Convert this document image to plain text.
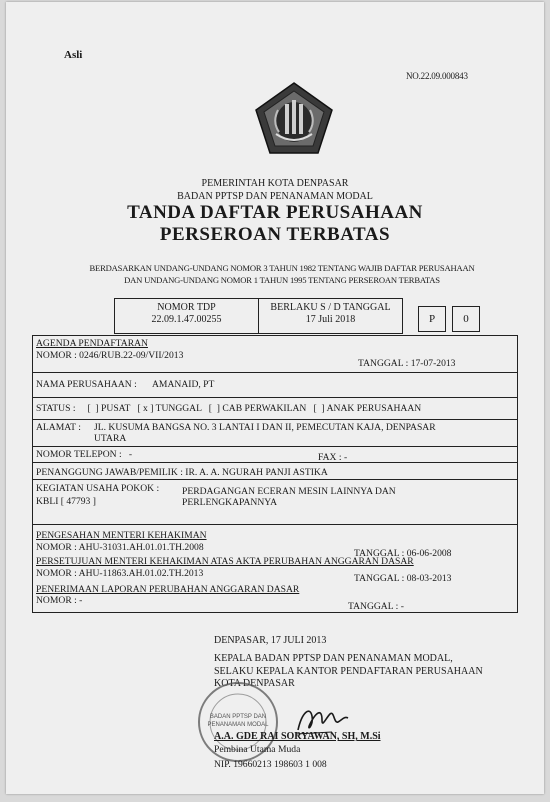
Asli
NO.22.09.000843
PEMERINTAH KOTA DENPASAR
BADAN PPTSP DAN PENANAMAN MODAL
TANDA DAFTAR PERUSAHAAN
PERSEROAN TERBATAS
BERDASARKAN UNDANG-UNDANG NOMOR 3 TAHUN 1982 TENTANG WAJIB DAFTAR PERUSAHAAN
DAN UNDANG-UNDANG NOMOR 1 TAHUN 1995 TENTANG PERSEROAN TERBATAS
NOMOR TDP
22.09.1.47.00255
BERLAKU S / D TANGGAL
17 Juli 2018	P	0
AGENDA PENDAFTARAN
NOMOR : 0246/RUB.22-09/VII/2013
TANGGAL : 17-07-2013
NAMA PERUSAHAAN : AMANAID, PT
STATUS :     [  ] PUSAT   [ x ] TUNGGAL   [  ] CAB PERWAKILAN   [  ] ANAK PERUSAHAAN
ALAMAT : JL. KUSUMA BANGSA NO. 3 LANTAI I DAN II, PEMECUTAN KAJA, DENPASAR
UTARA
NOMOR TELEPON :   -	FAX : -
PENANGGUNG JAWAB/PEMILIK : IR. A. A. NGURAH PANJI ASTIKA
KEGIATAN USAHA POKOK : PERDAGANGAN ECERAN MESIN LAINNYA DAN
PERLENGKAPANNYA
KBLI [ 47793 ]
PENGESAHAN MENTERI KEHAKIMAN
NOMOR : AHU-31031.AH.01.01.TH.2008
TANGGAL : 06-06-2008
PERSETUJUAN MENTERI KEHAKIMAN ATAS AKTA PERUBAHAN ANGGARAN DASAR
NOMOR : AHU-11863.AH.01.02.TH.2013	TANGGAL : 08-03-2013
PENERIMAAN LAPORAN PERUBAHAN ANGGARAN DASAR
NOMOR : -
TANGGAL : -
DENPASAR, 17 JULI 2013
KEPALA BADAN PPTSP DAN PENANAMAN MODAL,
SELAKU KEPALA KANTOR PENDAFTARAN PERUSAHAAN
KOTA DENPASAR
BADAN PPTSP DAN
PENANAMAN MODAL
A.A. GDE RAI SORYAWAN, SH, M.Si
Pembina Utama Muda
NIP. 19660213 198603 1 008
